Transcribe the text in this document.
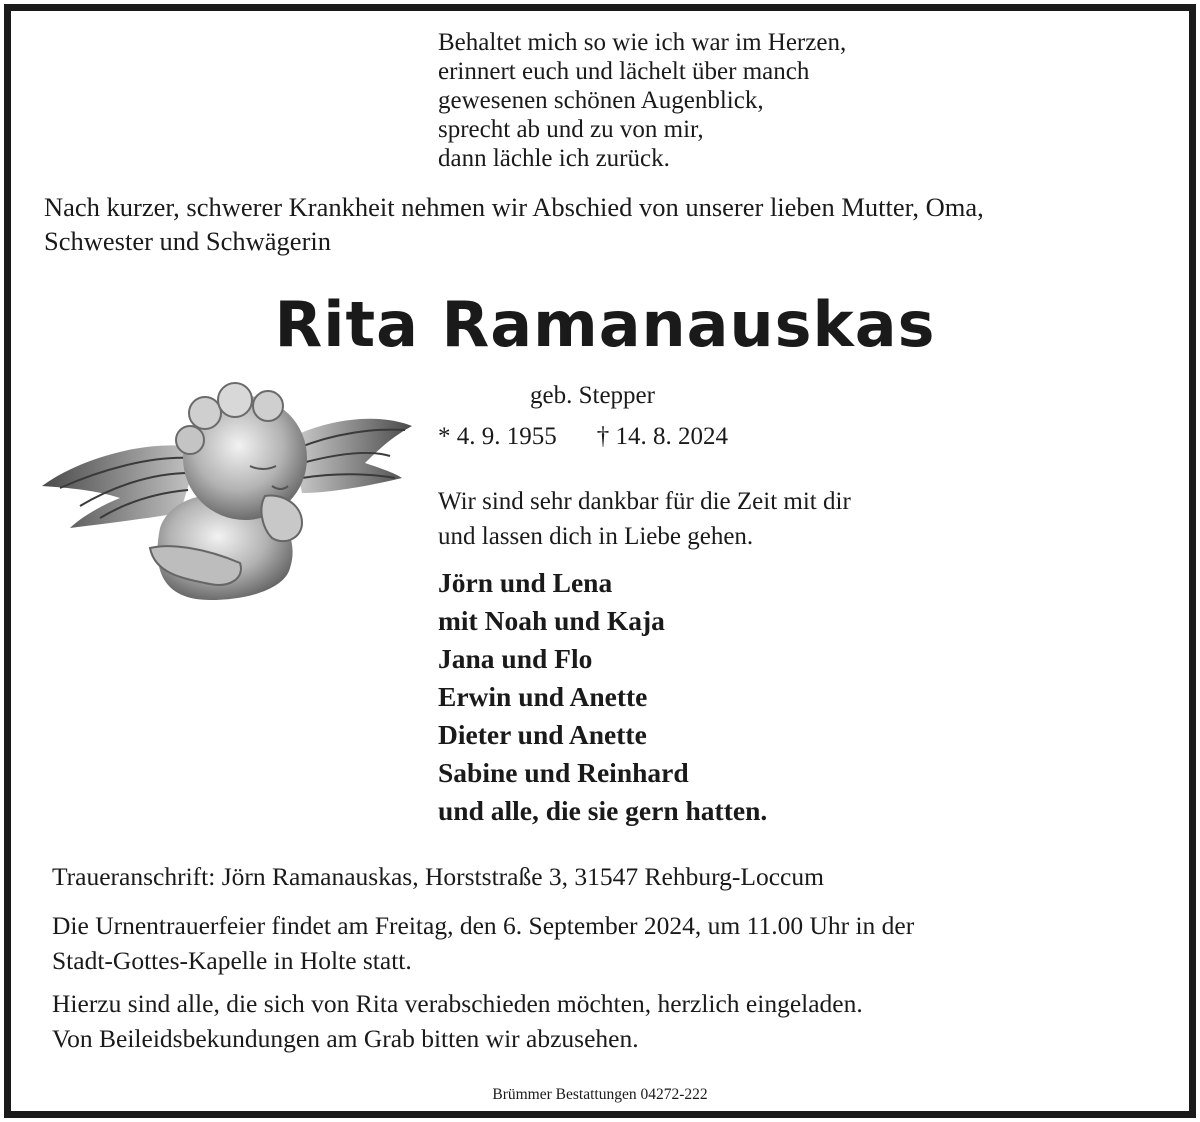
Behaltet mich so wie ich war im Herzen,
erinnert euch und lächelt über manch
gewesenen schönen Augenblick,
sprecht ab und zu von mir,
dann lächle ich zurück.
Nach kurzer, schwerer Krankheit nehmen wir Abschied von unserer lieben Mutter, Oma,
Schwester und Schwägerin
Rita Ramanauskas
geb. Stepper
* 4. 9. 1955 † 14. 8. 2024
Wir sind sehr dankbar für die Zeit mit dir
und lassen dich in Liebe gehen.
Jörn und Lena
mit Noah und Kaja
Jana und Flo
Erwin und Anette
Dieter und Anette
Sabine und Reinhard
und alle, die sie gern hatten.
Traueranschrift: Jörn Ramanauskas, Horststraße 3, 31547 Rehburg-Loccum
Die Urnentrauerfeier findet am Freitag, den 6. September 2024, um 11.00 Uhr in der
Stadt-Gottes-Kapelle in Holte statt.
Hierzu sind alle, die sich von Rita verabschieden möchten, herzlich eingeladen.
Von Beileidsbekundungen am Grab bitten wir abzusehen.
Brümmer Bestattungen 04272-222
